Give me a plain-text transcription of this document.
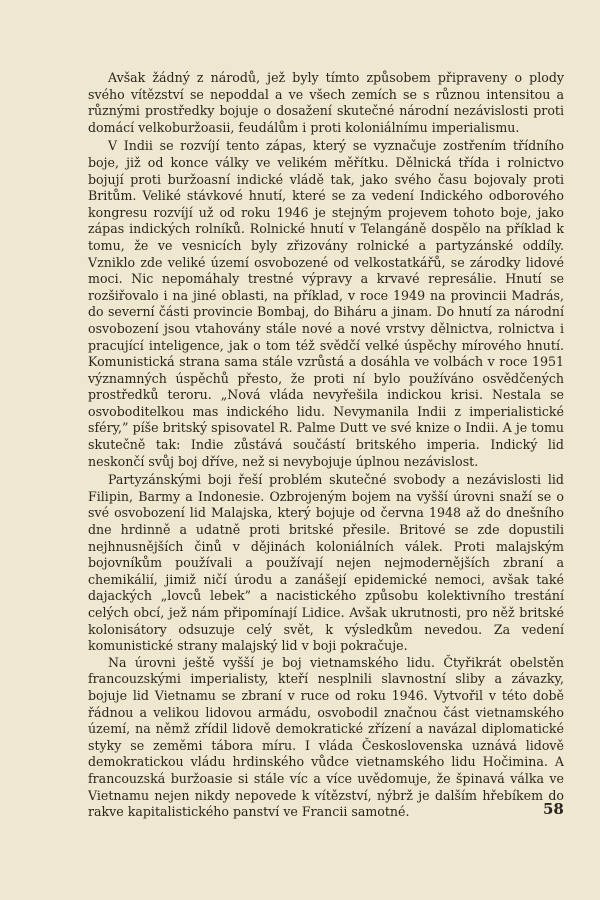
Avšak žádný z národů, jež byly tímto způsobem připraveny o plody svého vítězství se nepoddal a ve všech zemích se s různou intensitou a různými prostředky bojuje o dosažení skutečné národní nezávislosti proti domácí velkoburžoasii, feudálům i proti koloniálnímu imperialismu.

V Indii se rozvíjí tento zápas, který se vyznačuje zostřením třídního boje, již od konce války ve velikém měřítku. Dělnická třída i rolnictvo bojují proti buržoasní indické vládě tak, jako svého času bojovaly proti Britům. Veliké stávkové hnutí, které se za vedení Indického odborového kongresu rozvíjí už od roku 1946 je stejným projevem tohoto boje, jako zápas indických rolníků. Rolnické hnutí v Telangáně dospělo na příklad k tomu, že ve vesnicích byly zřizovány rolnické a partyzánské oddíly. Vzniklo zde veliké území osvobozené od velkostatkářů, se zárodky lidové moci. Nic nepomáhaly trestné výpravy a krvavé represálie. Hnutí se rozšiřovalo i na jiné oblasti, na příklad, v roce 1949 na provincii Madrás, do severní části provincie Bombaj, do Biháru a jinam. Do hnutí za národní osvobození jsou vtahovány stále nové a nové vrstvy dělnictva, rolnictva i pracující inteligence, jak o tom též svědčí velké úspěchy mírového hnutí. Komunistická strana sama stále vzrůstá a dosáhla ve volbách v roce 1951 významných úspěchů přesto, že proti ní bylo používáno osvědčených prostředků teroru. „Nová vláda nevyřešila indickou krisi. Nestala se osvoboditelkou mas indického lidu. Nevymanila Indii z imperialistické sféry,” píše britský spisovatel R. Palme Dutt ve své knize o Indii. A je tomu skutečně tak: Indie zůstává součástí britského imperia. Indický lid neskončí svůj boj dříve, než si nevybojuje úplnou nezávislost.

Partyzánskými boji řeší problém skutečné svobody a nezávislosti lid Filipin, Barmy a Indonesie. Ozbrojeným bojem na vyšší úrovni snaží se o své osvobození lid Malajska, který bojuje od června 1948 až do dnešního dne hrdinně a udatně proti britské přesile. Britové se zde dopustili nejhnusnějších činů v dějinách koloniálních válek. Proti malajským bojovníkům používali a používají nejen nejmodernějších zbraní a chemikálií, jimiž ničí úrodu a zanášejí epidemické nemoci, avšak také dajackých „lovců lebek” a nacistického způsobu kolektivního trestání celých obcí, jež nám připomínají Lidice. Avšak ukrutnosti, pro něž britské kolonisátory odsuzuje celý svět, k výsledkům nevedou. Za vedení komunistické strany malajský lid v boji pokračuje.

Na úrovni ještě vyšší je boj vietnamského lidu. Čtyřikrát obelstěn francouzskými imperialisty, kteří nesplnili slavnostní sliby a závazky, bojuje lid Vietnamu se zbraní v ruce od roku 1946. Vytvořil v této době řádnou a velikou lidovou armádu, osvobodil značnou část vietnamského území, na němž zřídil lidově demokratické zřízení a navázal diplomatické styky se zeměmi tábora míru. I vláda Československa uznává lidově demokratickou vládu hrdinského vůdce vietnamského lidu Hočimina. A francouzská buržoasie si stále víc a více uvědomuje, že špinavá válka ve Vietnamu nejen nikdy nepovede k vítězství, nýbrž je dalším hřebíkem do rakve kapitalistického panství ve Francii samotné.	58
